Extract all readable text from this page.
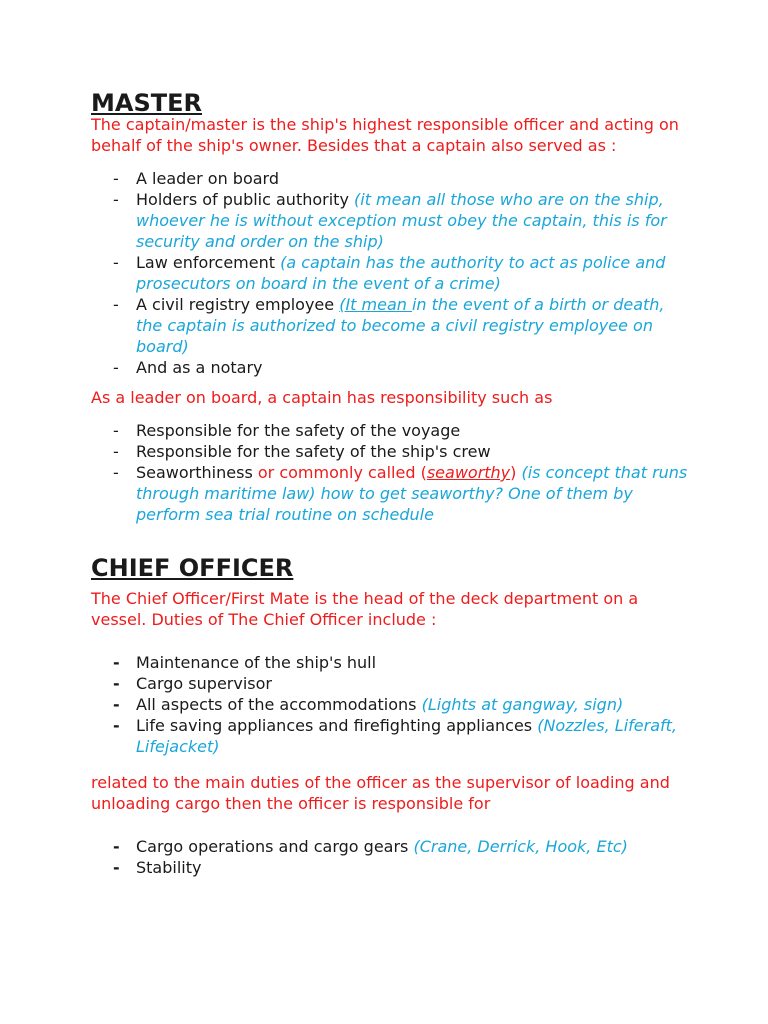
MASTER

The captain/master is the ship's highest responsible officer and acting on behalf of the ship's owner. Besides that a captain also served as :

- A leader on board
- Holders of public authority (it mean all those who are on the ship, whoever he is without exception must obey the captain, this is for security and order on the ship)
- Law enforcement (a captain has the authority to act as police and prosecutors on board in the event of a crime)
- A civil registry employee (It mean in the event of a birth or death, the captain is authorized to become a civil registry employee on board)
- And as a notary

As a leader on board, a captain has responsibility such as

- Responsible for the safety of the voyage
- Responsible for the safety of the ship's crew
- Seaworthiness or commonly called (seaworthy) (is concept that runs through maritime law) how to get seaworthy? One of them by perform sea trial routine on schedule
CHIEF OFFICER

The Chief Officer/First Mate is the head of the deck department on a vessel. Duties of The Chief Officer include :

- Maintenance of the ship's hull
- Cargo supervisor
- All aspects of the accommodations (Lights at gangway, sign)
- Life saving appliances and firefighting appliances (Nozzles, Liferaft, Lifejacket)

related to the main duties of the officer as the supervisor of loading and unloading cargo then the officer is responsible for

- Cargo operations and cargo gears (Crane, Derrick, Hook, Etc)
- Stability
